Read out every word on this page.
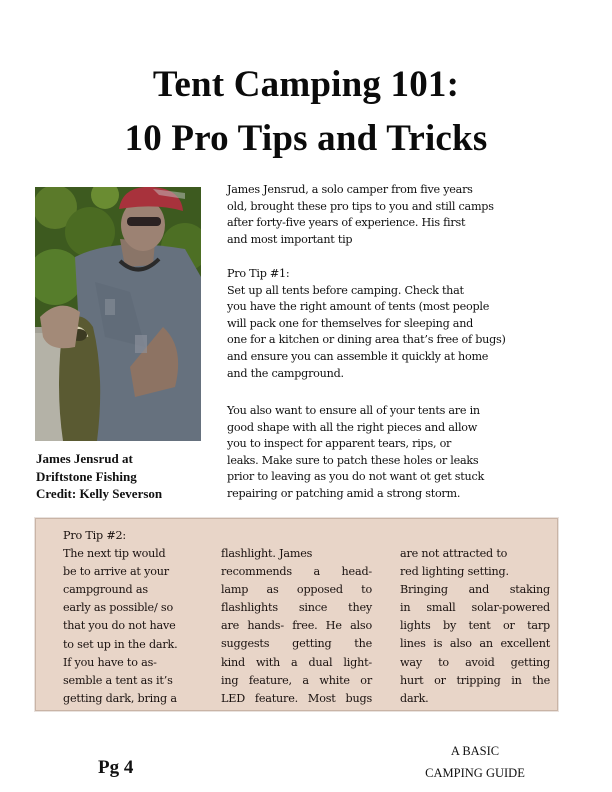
Tent Camping 101:
10 Pro Tips and Tricks
James Jensrud at
Driftstone Fishing
Credit: Kelly Severson
James Jensrud, a solo camper from five years
old, brought these pro tips to you and still camps
after forty-five years of experience. His first
and most important tip
Pro Tip #1:
Set up all tents before camping. Check that
you have the right amount of tents (most people
will pack one for themselves for sleeping and
one for a kitchen or dining area that’s free of bugs)
and ensure you can assemble it quickly at home
and the campground.
You also want to ensure all of your tents are in
good shape with all the right pieces and allow
you to inspect for apparent tears, rips, or
leaks. Make sure to patch these holes or leaks
prior to leaving as you do not want ot get stuck
repairing or patching amid a strong storm.
Pro Tip #2:
The next tip would
be to arrive at your
campground as
early as possible/ so
that you do not have
to set up in the dark.
If you have to as-
semble a tent as it’s
getting dark, bring a
flashlight. James
recommends a head-
lamp as opposed to
flashlights since they
are hands- free. He also
suggests getting the
kind with a dual light-
ing feature, a white or
LED feature. Most bugs
are not attracted to
red lighting setting.
Bringing and staking
in small solar-powered
lights by tent or tarp
lines is also an excellent
way to avoid getting
hurt or tripping in the
dark.
Pg 4
A BASIC
CAMPING GUIDE
